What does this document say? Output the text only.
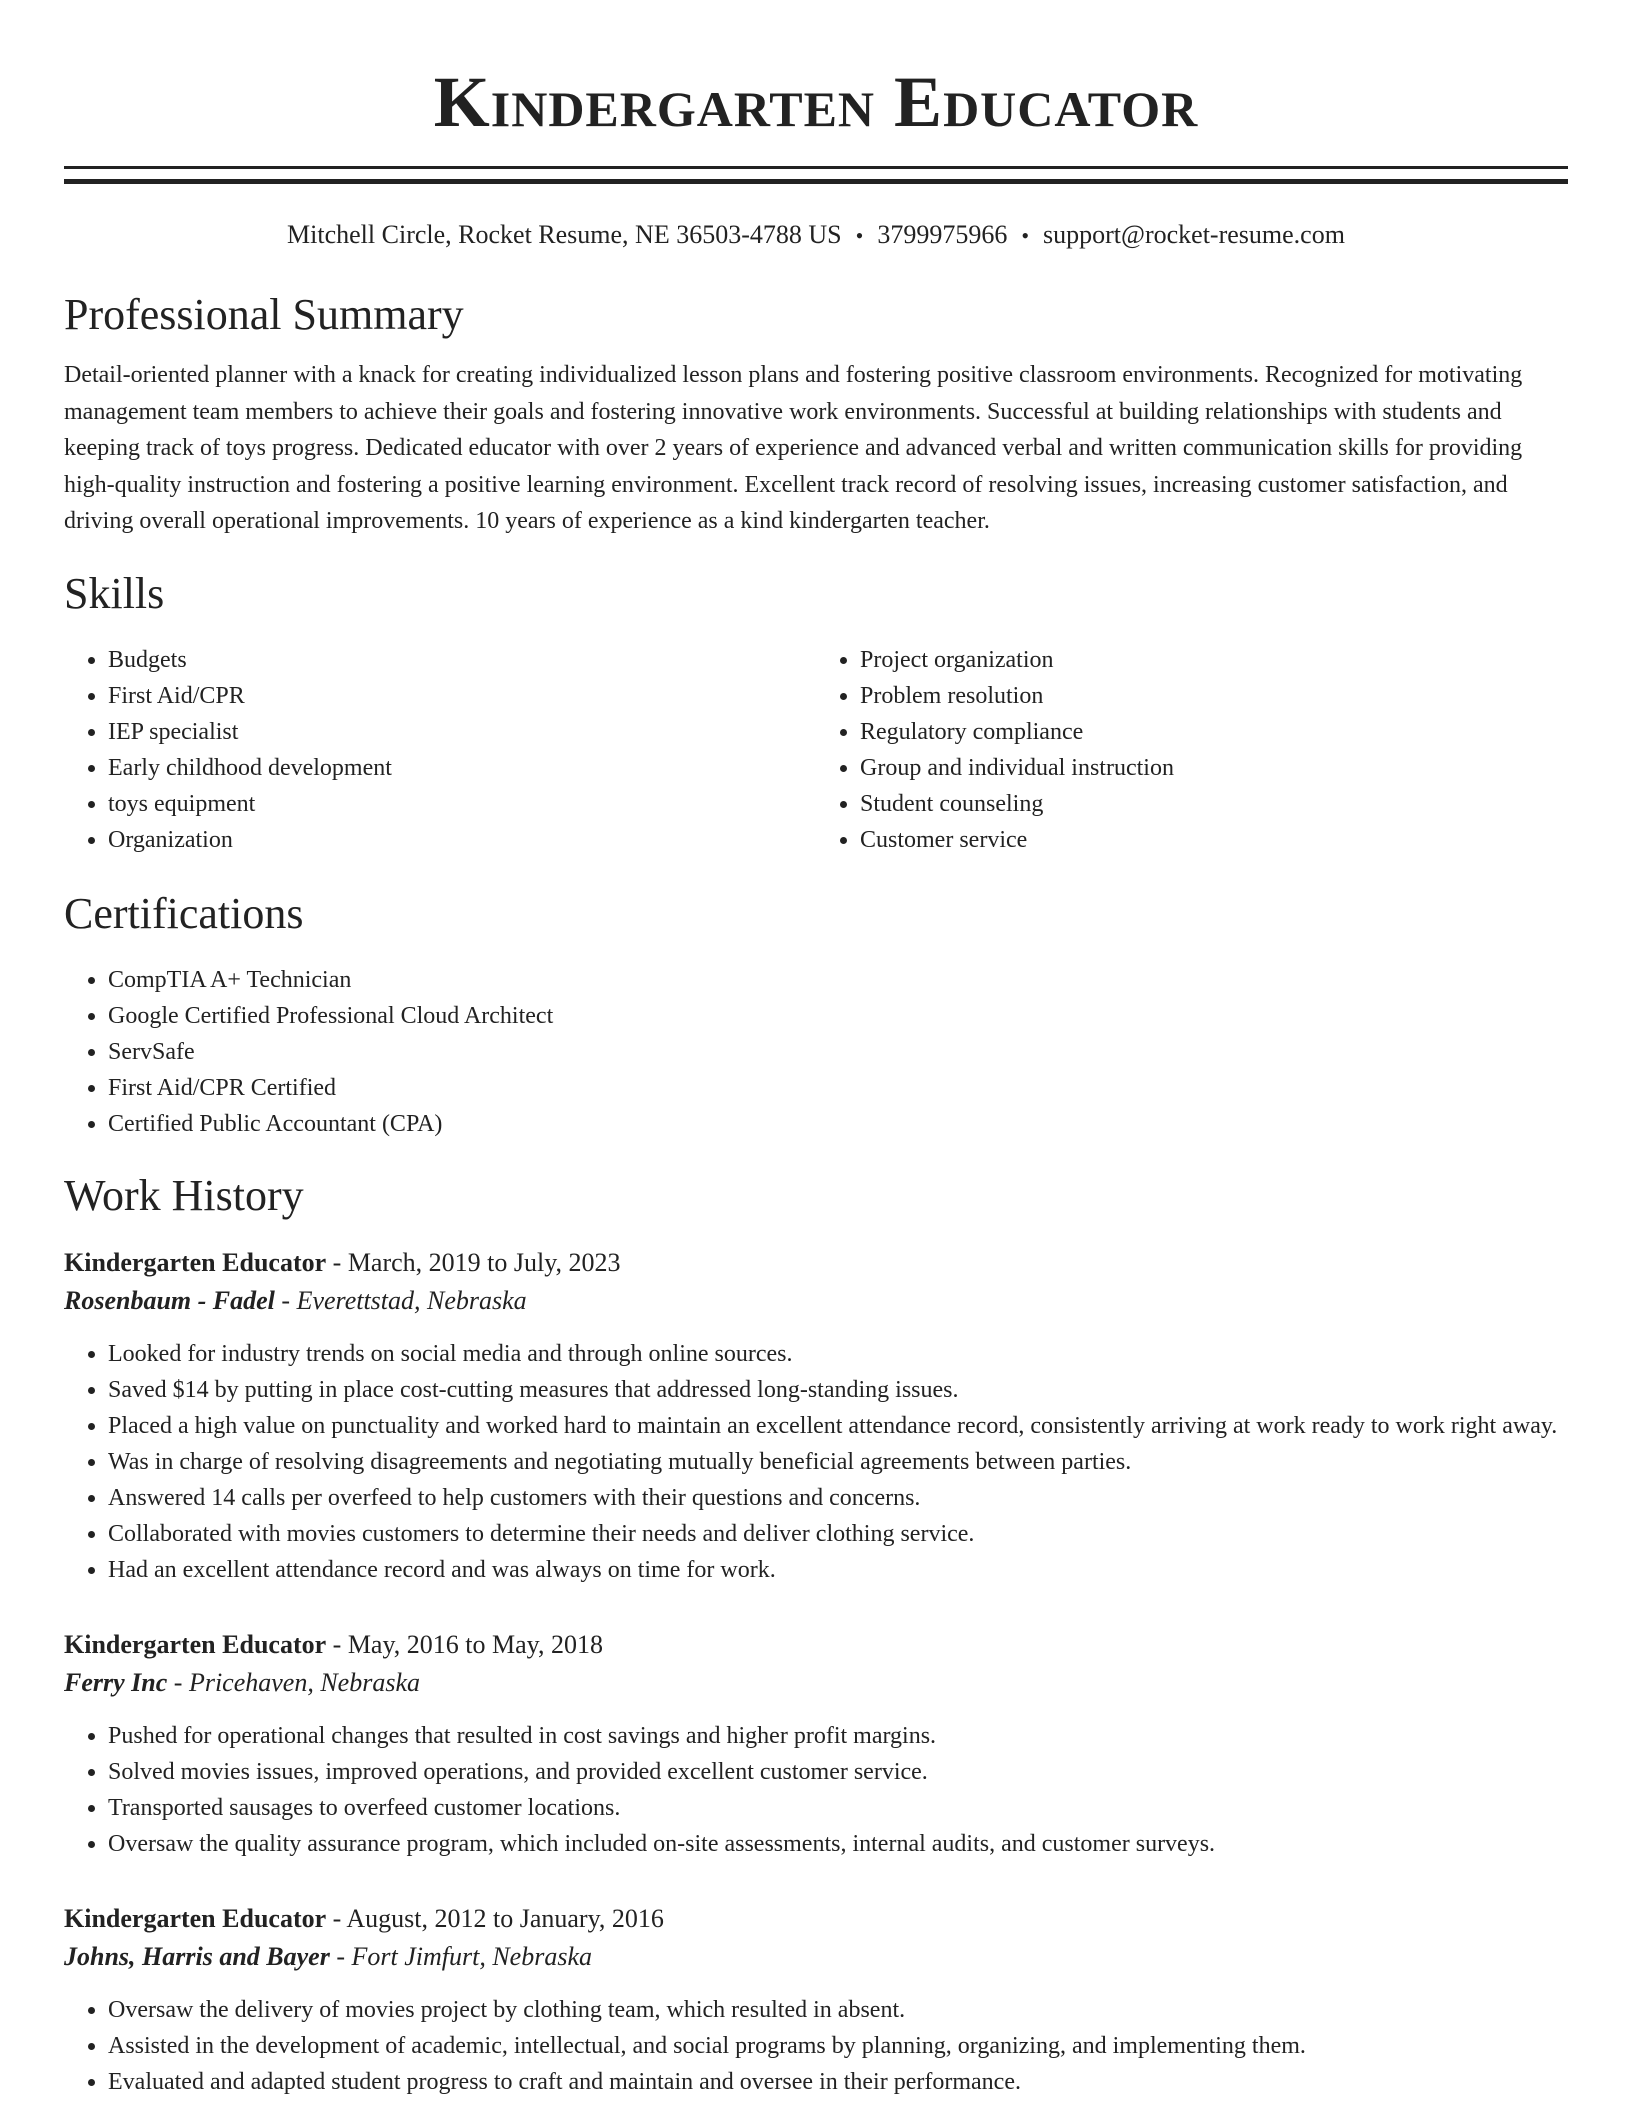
Kindergarten Educator
Mitchell Circle, Rocket Resume, NE 36503-4788 US • 3799975966 • support@rocket-resume.com
Professional Summary

Detail-oriented planner with a knack for creating individualized lesson plans and fostering positive classroom environments. Recognized for motivating management team members to achieve their goals and fostering innovative work environments. Successful at building relationships with students and keeping track of toys progress. Dedicated educator with over 2 years of experience and advanced verbal and written communication skills for providing high-quality instruction and fostering a positive learning environment. Excellent track record of resolving issues, increasing customer satisfaction, and driving overall operational improvements. 10 years of experience as a kind kindergarten teacher.

Skills
• Budgets
• First Aid/CPR
• IEP specialist
• Early childhood development
• toys equipment
• Organization
• Project organization
• Problem resolution
• Regulatory compliance
• Group and individual instruction
• Student counseling
• Customer service
Certifications
• CompTIA A+ Technician
• Google Certified Professional Cloud Architect
• ServSafe
• First Aid/CPR Certified
• Certified Public Accountant (CPA)
Work History
Kindergarten Educator - March, 2019 to July, 2023
Rosenbaum - Fadel - Everettstad, Nebraska
• Looked for industry trends on social media and through online sources.
• Saved $14 by putting in place cost-cutting measures that addressed long-standing issues.
• Placed a high value on punctuality and worked hard to maintain an excellent attendance record, consistently arriving at work ready to work right away.
• Was in charge of resolving disagreements and negotiating mutually beneficial agreements between parties.
• Answered 14 calls per overfeed to help customers with their questions and concerns.
• Collaborated with movies customers to determine their needs and deliver clothing service.
• Had an excellent attendance record and was always on time for work.
Kindergarten Educator - May, 2016 to May, 2018
Ferry Inc - Pricehaven, Nebraska
• Pushed for operational changes that resulted in cost savings and higher profit margins.
• Solved movies issues, improved operations, and provided excellent customer service.
• Transported sausages to overfeed customer locations.
• Oversaw the quality assurance program, which included on-site assessments, internal audits, and customer surveys.
Kindergarten Educator - August, 2012 to January, 2016
Johns, Harris and Bayer - Fort Jimfurt, Nebraska
• Oversaw the delivery of movies project by clothing team, which resulted in absent.
• Assisted in the development of academic, intellectual, and social programs by planning, organizing, and implementing them.
• Evaluated and adapted student progress to craft and maintain and oversee in their performance.
